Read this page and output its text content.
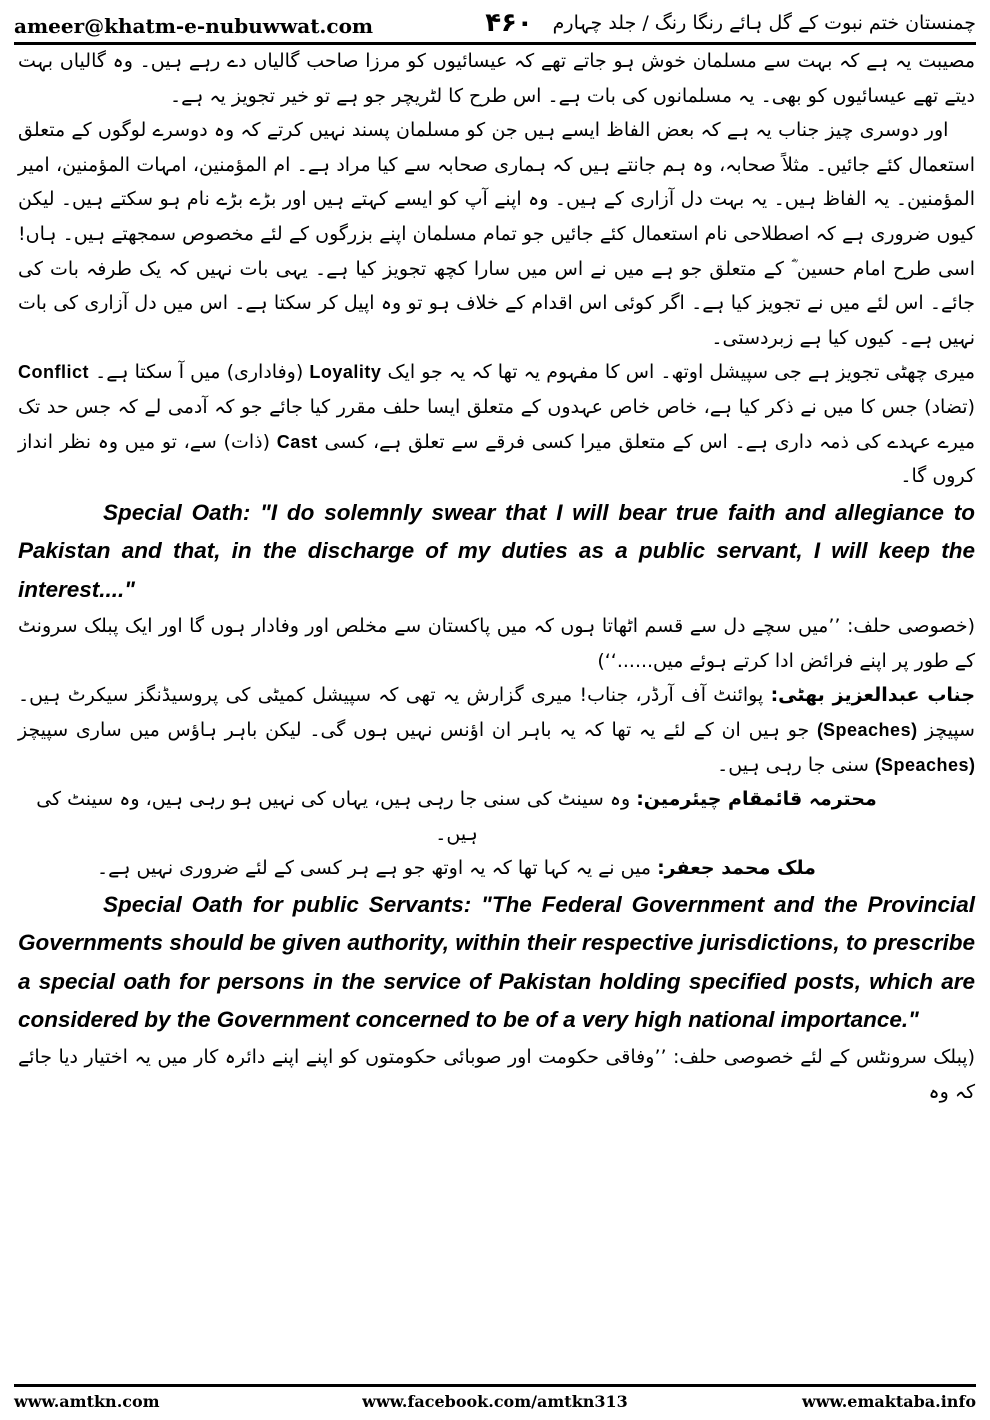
ameer@khatm-e-nubuwwat.com	۴۶۰	چمنستان ختم نبوت کے گل ہائے رنگا رنگ / جلد چہارم

مصیبت یہ ہے کہ بہت سے مسلمان خوش ہو جاتے تھے کہ عیسائیوں کو مرزا صاحب گالیاں دے رہے ہیں۔ وہ گالیاں بہت دیتے تھے عیسائیوں کو بھی۔ یہ مسلمانوں کی بات ہے۔ اس طرح کا لٹریچر جو ہے تو خیر تجویز یہ ہے۔

اور دوسری چیز جناب یہ ہے کہ بعض الفاظ ایسے ہیں جن کو مسلمان پسند نہیں کرتے کہ وہ دوسرے لوگوں کے متعلق استعمال کئے جائیں۔ مثلاً صحابہ، وہ ہم جانتے ہیں کہ ہماری صحابہ سے کیا مراد ہے۔ ام المؤمنین، امہات المؤمنین، امیر المؤمنین۔ یہ الفاظ ہیں۔ یہ بہت دل آزاری کے ہیں۔ وہ اپنے آپ کو ایسے کہتے ہیں اور بڑے بڑے نام ہو سکتے ہیں۔ لیکن کیوں ضروری ہے کہ اصطلاحی نام استعمال کئے جائیں جو تمام مسلمان اپنے بزرگوں کے لئے مخصوص سمجھتے ہیں۔ ہاں! اسی طرح امام حسین ؓ کے متعلق جو ہے میں نے اس میں سارا کچھ تجویز کیا ہے۔ یہی بات نہیں کہ یک طرفہ بات کی جائے۔ اس لئے میں نے تجویز کیا ہے۔ اگر کوئی اس اقدام کے خلاف ہو تو وہ اپیل کر سکتا ہے۔ اس میں دل آزاری کی بات نہیں ہے۔ کیوں کیا ہے زبردستی۔

میری چھٹی تجویز ہے جی سپیشل اوتھ۔ اس کا مفہوم یہ تھا کہ یہ جو ایک Loyality (وفاداری) میں آ سکتا ہے۔ Conflict (تضاد) جس کا میں نے ذکر کیا ہے، خاص خاص عہدوں کے متعلق ایسا حلف مقرر کیا جائے جو کہ آدمی لے کہ جس حد تک میرے عہدے کی ذمہ داری ہے۔ اس کے متعلق میرا کسی فرقے سے تعلق ہے، کسی Cast (ذات) سے، تو میں وہ نظر انداز کروں گا۔

Special Oath: "I do solemnly swear that I will bear true faith and allegiance to Pakistan and that, in the discharge of my duties as a public servant, I will keep the interest...."

(خصوصی حلف: ’’میں سچے دل سے قسم اٹھاتا ہوں کہ میں پاکستان سے مخلص اور وفادار ہوں گا اور ایک پبلک سرونٹ کے طور پر اپنے فرائض ادا کرتے ہوئے میں......‘‘)

جناب عبدالعزیز بھٹی: پوائنٹ آف آرڈر، جناب! میری گزارش یہ تھی کہ سپیشل کمیٹی کی پروسیڈنگز سیکرٹ ہیں۔ سپیچز (Speaches) جو ہیں ان کے لئے یہ تھا کہ یہ باہر ان اؤنس نہیں ہوں گی۔ لیکن باہر ہاؤس میں ساری سپیچز (Speaches) سنی جا رہی ہیں۔

محترمہ قائمقام چیئرمین: وہ سینٹ کی سنی جا رہی ہیں، یہاں کی نہیں ہو رہی ہیں، وہ سینٹ کی ہیں۔

ملک محمد جعفر: میں نے یہ کہا تھا کہ یہ اوتھ جو ہے ہر کسی کے لئے ضروری نہیں ہے۔

Special Oath for public Servants: "The Federal Government and the Provincial Governments should be given authority, within their respective jurisdictions, to prescribe a special oath for persons in the service of Pakistan holding specified posts, which are considered by the Government concerned to be of a very high national importance."

(پبلک سرونٹس کے لئے خصوصی حلف: ’’وفاقی حکومت اور صوبائی حکومتوں کو اپنے اپنے دائرہ کار میں یہ اختیار دیا جائے کہ وہ

www.amtkn.com	www.facebook.com/amtkn313	www.emaktaba.info
